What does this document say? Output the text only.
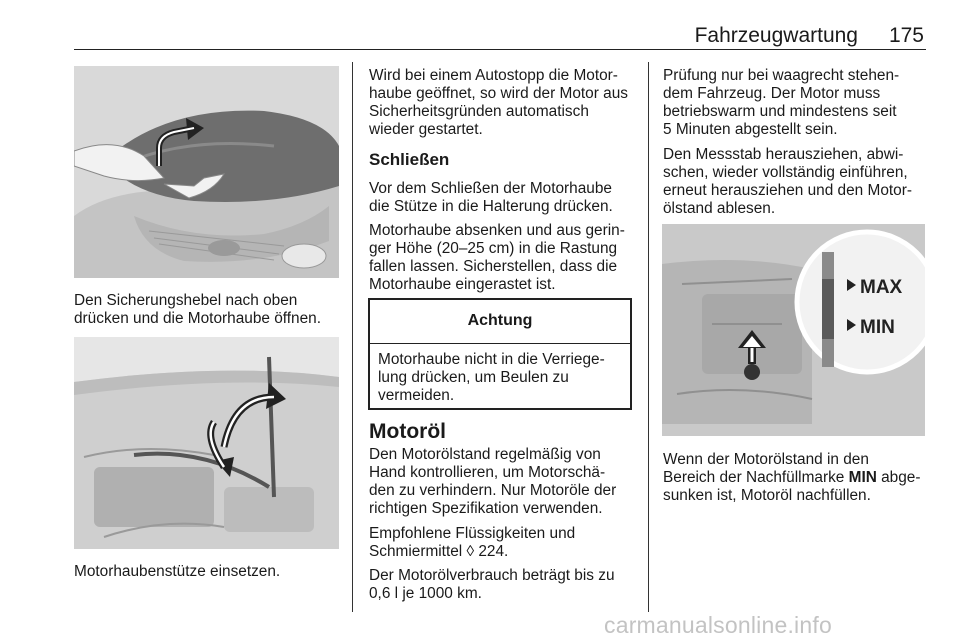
Fahrzeugwartung 175

Den Sicherungshebel nach oben

drücken und die Motorhaube öffnen.

Motorhaubenstütze einsetzen.

Wird bei einem Autostopp die Motor-

haube geöffnet, so wird der Motor aus

Sicherheitsgründen automatisch

wieder gestartet.

Schließen

Vor dem Schließen der Motorhaube

die Stütze in die Halterung drücken.

Motorhaube absenken und aus gerin-

ger Höhe (20–25 cm) in die Rastung

fallen lassen. Sicherstellen, dass die

Motorhaube eingerastet ist.

Achtung
Motorhaube nicht in die Verriege-
lung drücken, um Beulen zu
vermeiden.
Motoröl

Den Motorölstand regelmäßig von

Hand kontrollieren, um Motorschä-

den zu verhindern. Nur Motoröle der

richtigen Spezifikation verwenden.

Empfohlene Flüssigkeiten und

Schmiermittel ◊ 224.

Der Motorölverbrauch beträgt bis zu

0,6 l je 1000 km.

Prüfung nur bei waagrecht stehen-

dem Fahrzeug. Der Motor muss

betriebswarm und mindestens seit

5 Minuten abgestellt sein.

Den Messstab herausziehen, abwi-

schen, wieder vollständig einführen,

erneut herausziehen und den Motor-

ölstand ablesen.

MAX
MIN

Wenn der Motorölstand in den

Bereich der Nachfüllmarke MIN abge-

sunken ist, Motoröl nachfüllen.

carmanualsonline.info
